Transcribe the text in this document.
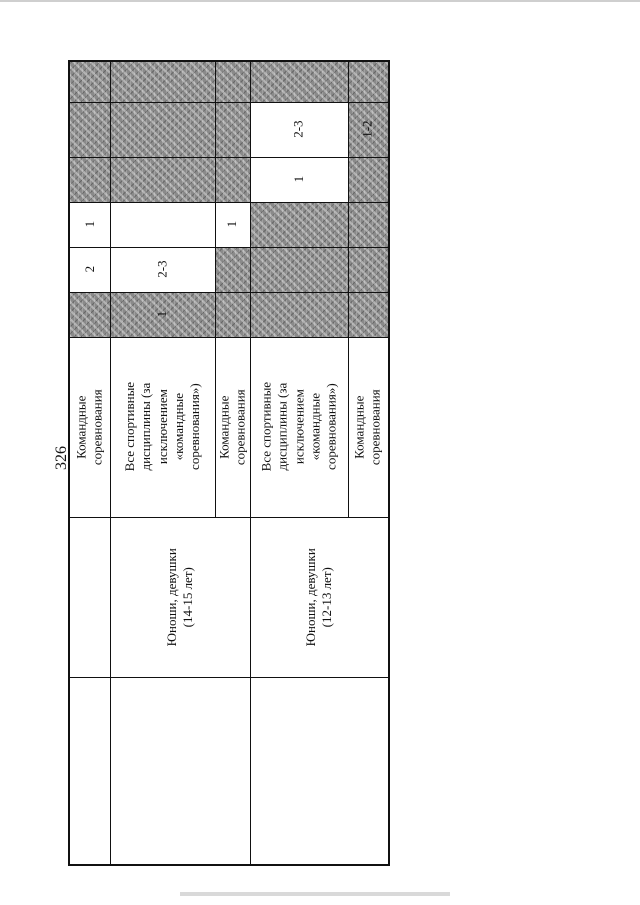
326
1
2	2-3
1
1
2-3
1
1-2
Командные соревнования Все спортивные
дисциплины (за
исключением «командные
соревнования») Командные соревнования Все спортивные
дисциплины (за
исключением «командные
соревнования») Командные соревнования
Юноши, девушки
(14-15 лет)
Юноши, девушки
(12-13 лет)
